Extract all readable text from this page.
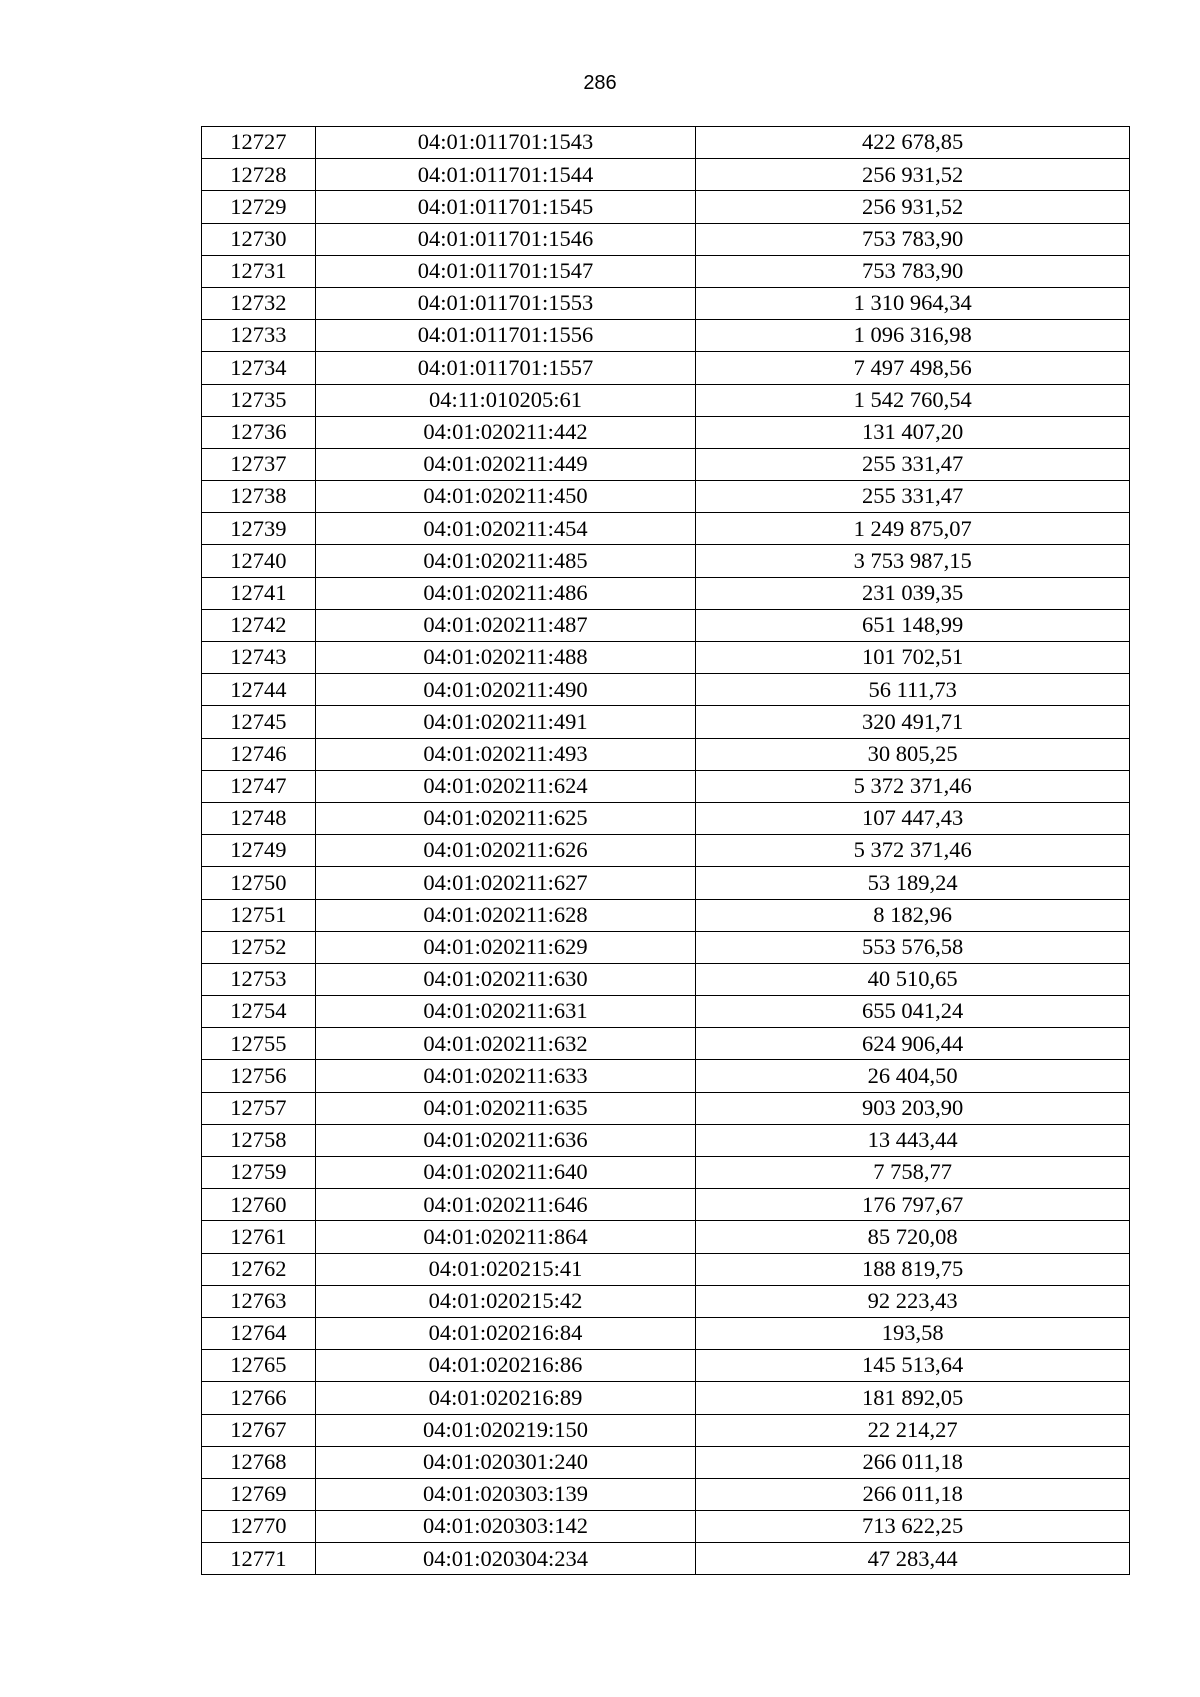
286
12727	04:01:011701:1543	422 678,85
12728	04:01:011701:1544	256 931,52
12729	04:01:011701:1545	256 931,52
12730	04:01:011701:1546	753 783,90
12731	04:01:011701:1547	753 783,90
12732	04:01:011701:1553	1 310 964,34
12733	04:01:011701:1556	1 096 316,98
12734	04:01:011701:1557	7 497 498,56
12735	04:11:010205:61	1 542 760,54
12736	04:01:020211:442	131 407,20
12737	04:01:020211:449	255 331,47
12738	04:01:020211:450	255 331,47
12739	04:01:020211:454	1 249 875,07
12740	04:01:020211:485	3 753 987,15
12741	04:01:020211:486	231 039,35
12742	04:01:020211:487	651 148,99
12743	04:01:020211:488	101 702,51
12744	04:01:020211:490	56 111,73
12745	04:01:020211:491	320 491,71
12746	04:01:020211:493	30 805,25
12747	04:01:020211:624	5 372 371,46
12748	04:01:020211:625	107 447,43
12749	04:01:020211:626	5 372 371,46
12750	04:01:020211:627	53 189,24
12751	04:01:020211:628	8 182,96
12752	04:01:020211:629	553 576,58
12753	04:01:020211:630	40 510,65
12754	04:01:020211:631	655 041,24
12755	04:01:020211:632	624 906,44
12756	04:01:020211:633	26 404,50
12757	04:01:020211:635	903 203,90
12758	04:01:020211:636	13 443,44
12759	04:01:020211:640	7 758,77
12760	04:01:020211:646	176 797,67
12761	04:01:020211:864	85 720,08
12762	04:01:020215:41	188 819,75
12763	04:01:020215:42	92 223,43
12764	04:01:020216:84	193,58
12765	04:01:020216:86	145 513,64
12766	04:01:020216:89	181 892,05
12767	04:01:020219:150	22 214,27
12768	04:01:020301:240	266 011,18
12769	04:01:020303:139	266 011,18
12770	04:01:020303:142	713 622,25
12771	04:01:020304:234	47 283,44
